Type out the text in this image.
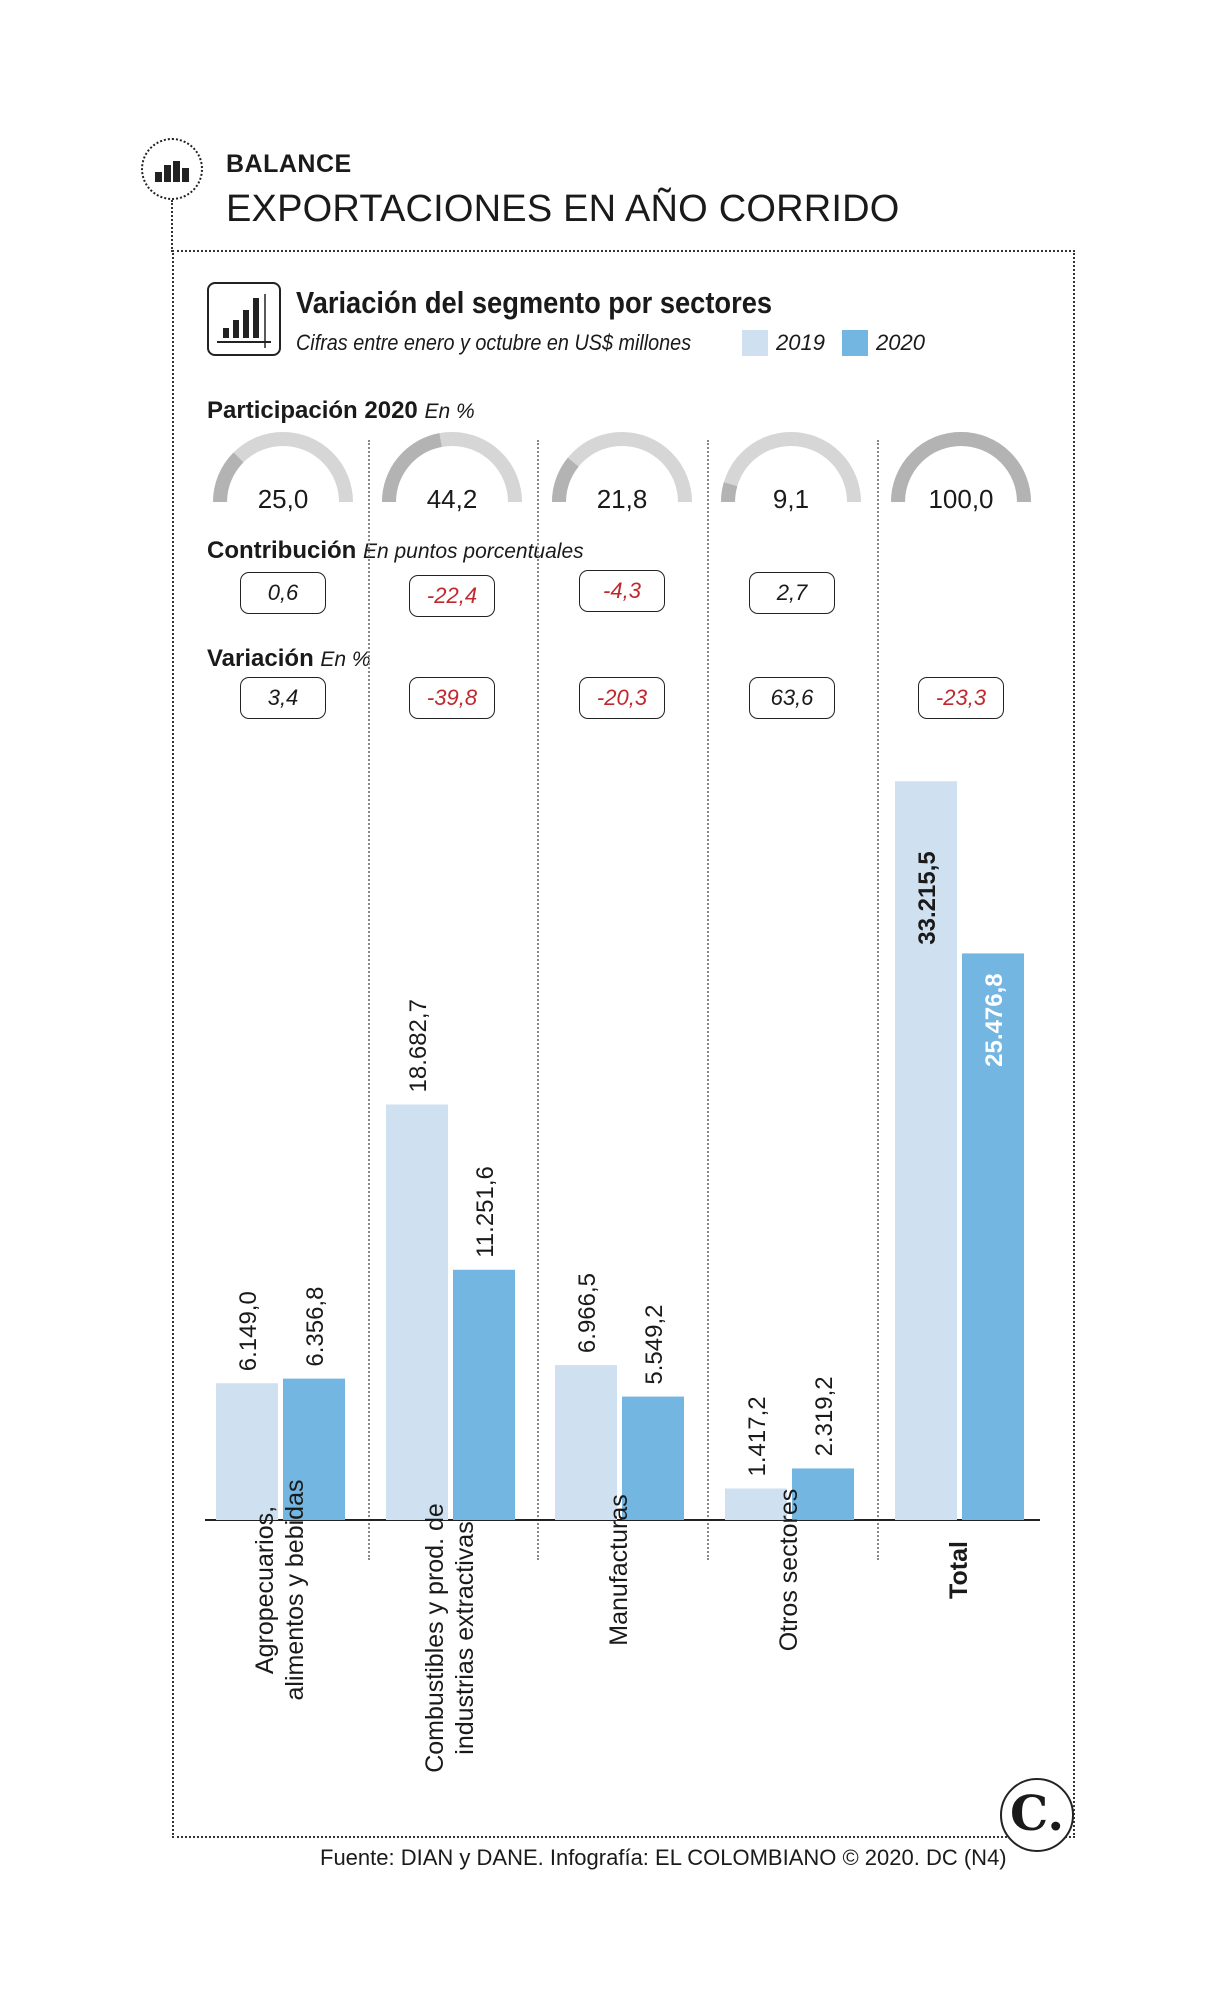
BALANCE
EXPORTACIONES EN AÑO CORRIDO
Variación del segmento por sectores
Cifras entre enero y octubre en US$ millones	2019 2020
Participación 2020 En %
Contribución En puntos porcentuales
Variación En %
25,0	44,2	21,8	9,1	100,0
0,6	-22,4	-4,3	2,7
3,4	-39,8	-20,3	63,6	-23,3
6.149,0
18.682,7
6.966,5
1.417,2
33.215,5
6.356,8
11.251,6
5.549,2
2.319,2
25.476,8
Agropecuarios,
alimentos y bebidas
Combustibles y prod. de
industrias extractivas	Manufacturas	Otros sectores	Total
C.
Fuente: DIAN y DANE. Infografía: EL COLOMBIANO © 2020. DC (N4)
